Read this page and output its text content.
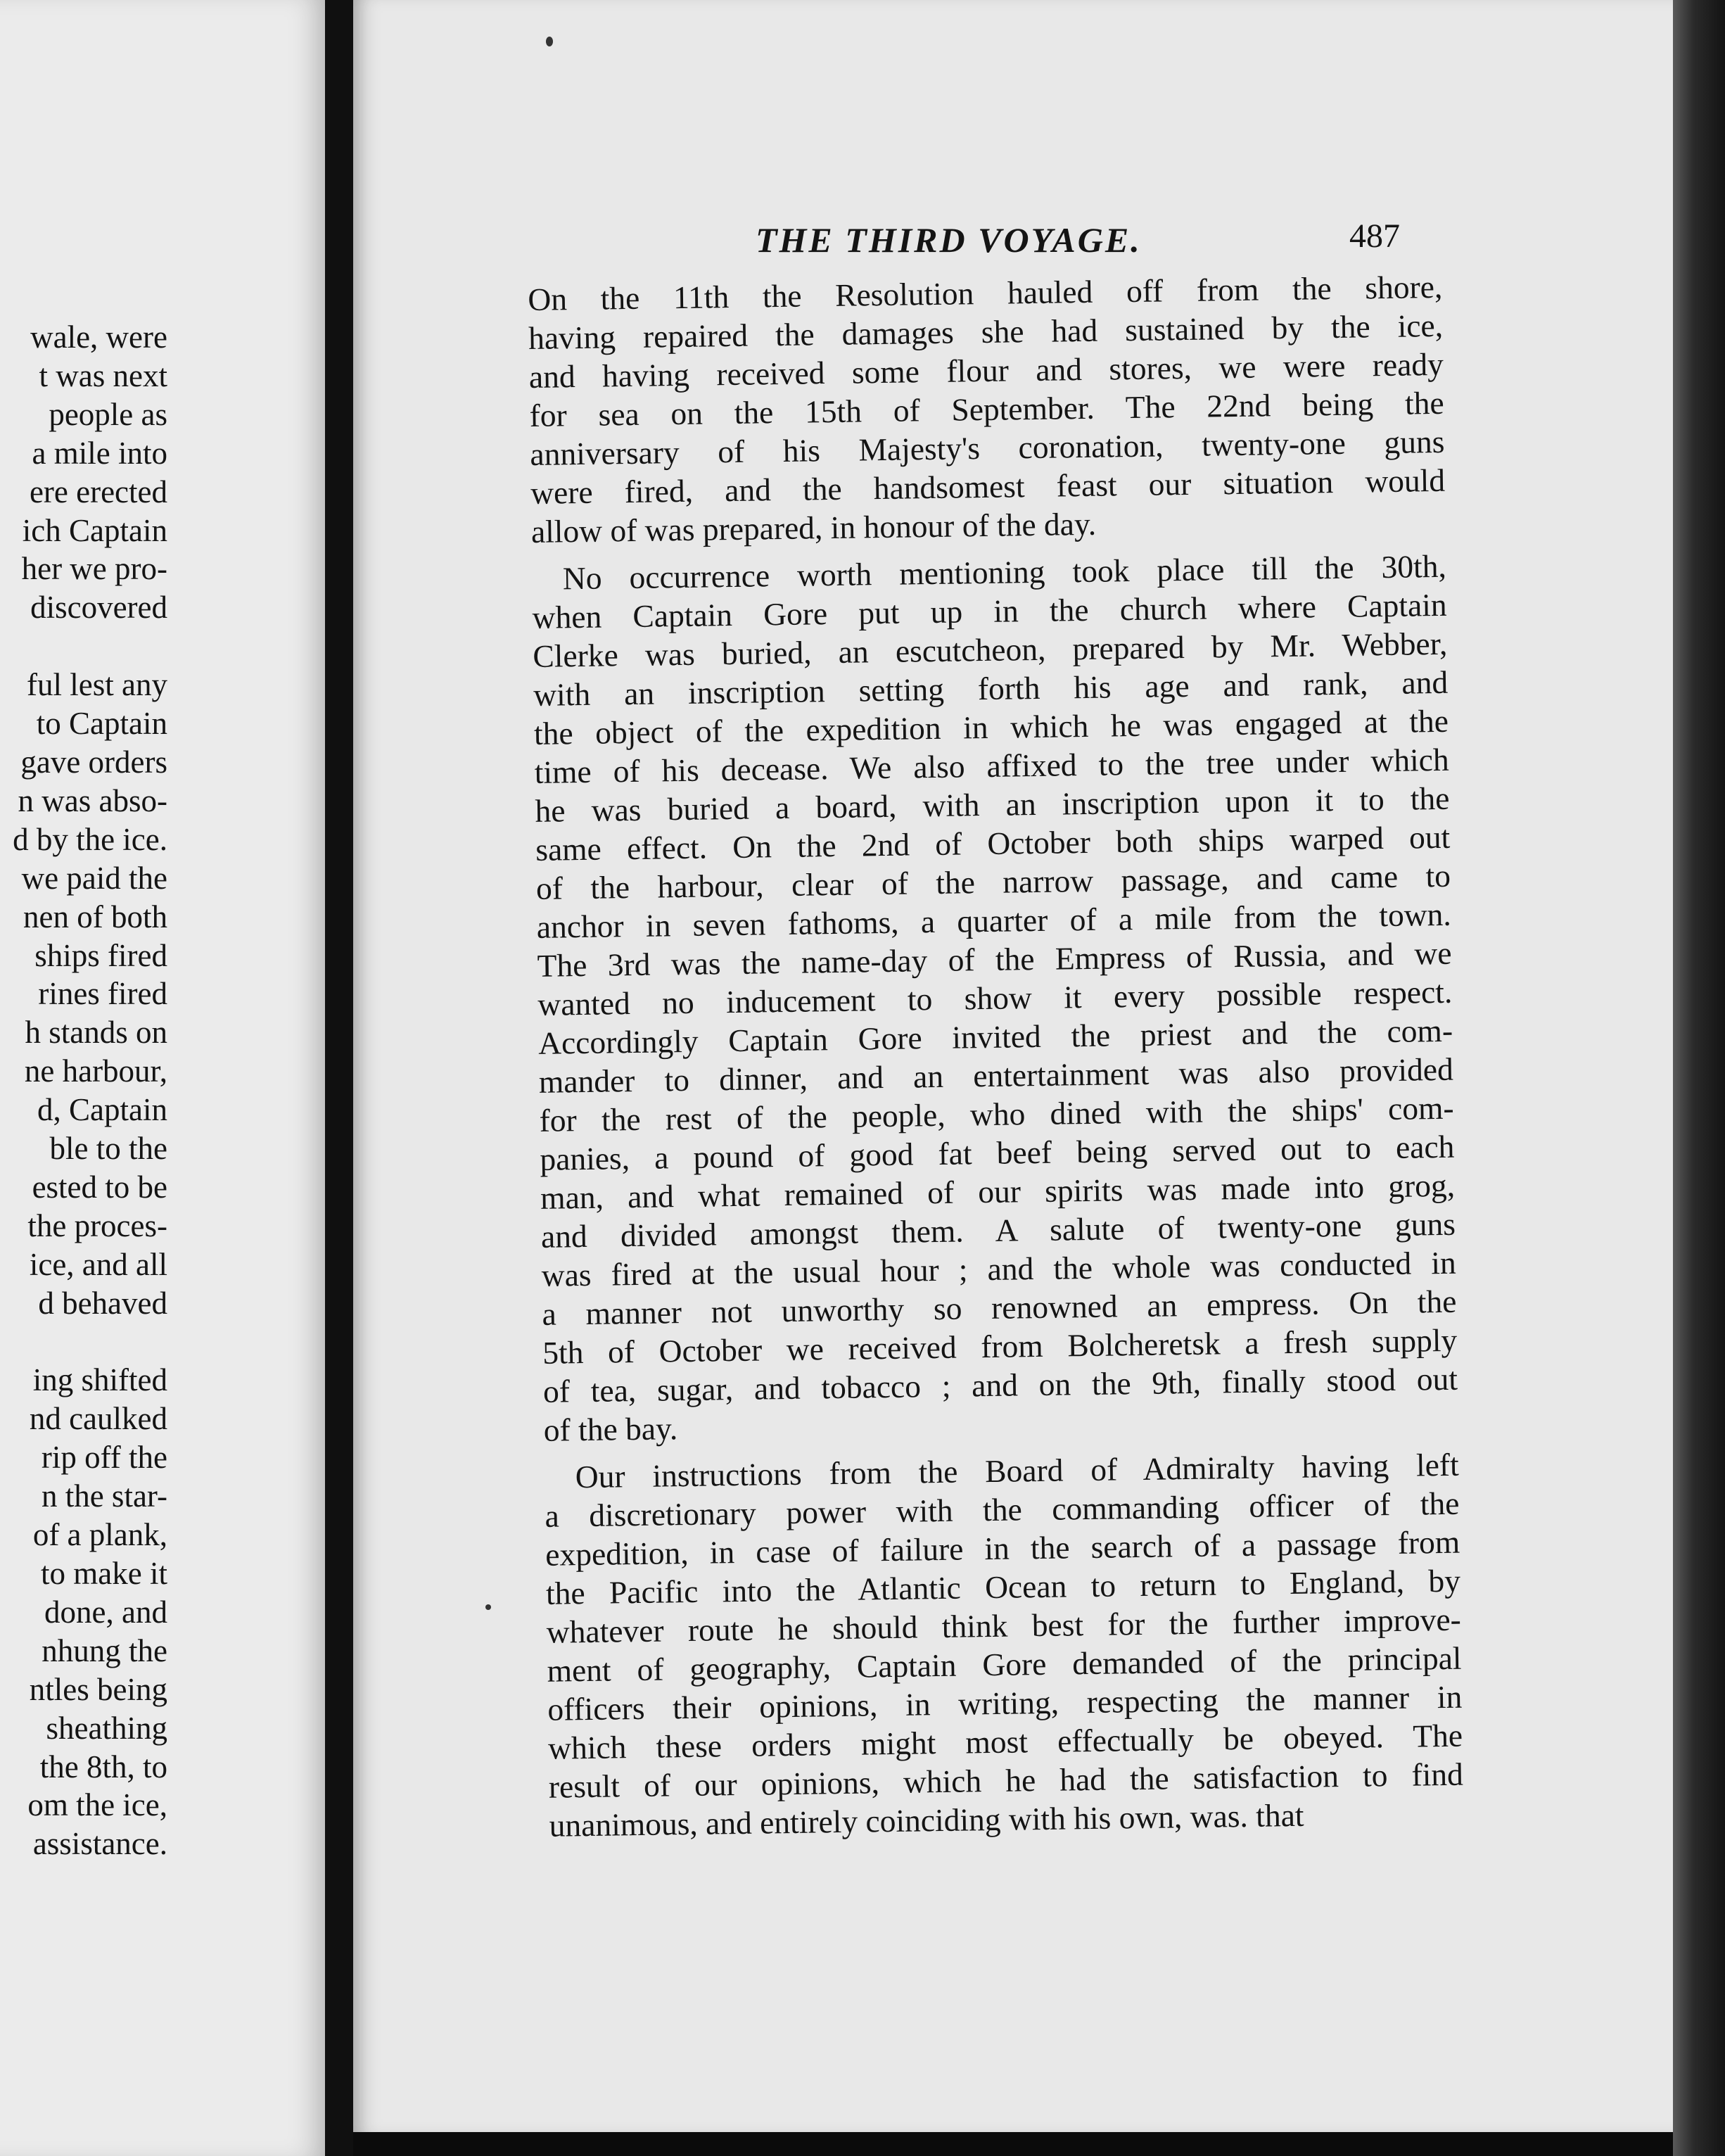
wale, were
t was next
people as
a mile into
ere erected
ich Captain
her we pro-
discovered

ful lest any
to Captain
gave orders
n was abso-
d by the ice.
we paid the
nen of both
ships fired
rines fired
h stands on
ne harbour,
d, Captain
ble to the
ested to be
the proces-
ice, and all
d behaved

ing shifted
nd caulked
rip off the
n the star-
of a plank,
to make it
done, and
nhung the
ntles being
sheathing
the 8th, to
om the ice,
assistance.
THE THIRD VOYAGE.	487
On the 11th the Resolution hauled off from the shore,
having repaired the damages she had sustained by the ice,
and having received some flour and stores, we were ready
for sea on the 15th of September. The 22nd being the
anniversary of his Majesty's coronation, twenty-one guns
were fired, and the handsomest feast our situation would
allow of was prepared, in honour of the day.
No occurrence worth mentioning took place till the 30th,
when Captain Gore put up in the church where Captain
Clerke was buried, an escutcheon, prepared by Mr. Webber,
with an inscription setting forth his age and rank, and
the object of the expedition in which he was engaged at the
time of his decease. We also affixed to the tree under which
he was buried a board, with an inscription upon it to the
same effect. On the 2nd of October both ships warped out
of the harbour, clear of the narrow passage, and came to
anchor in seven fathoms, a quarter of a mile from the town.
The 3rd was the name-day of the Empress of Russia, and we
wanted no inducement to show it every possible respect.
Accordingly Captain Gore invited the priest and the com-
mander to dinner, and an entertainment was also provided
for the rest of the people, who dined with the ships' com-
panies, a pound of good fat beef being served out to each
man, and what remained of our spirits was made into grog,
and divided amongst them. A salute of twenty-one guns
was fired at the usual hour ; and the whole was conducted in
a manner not unworthy so renowned an empress. On the
5th of October we received from Bolcheretsk a fresh supply
of tea, sugar, and tobacco ; and on the 9th, finally stood out
of the bay.
Our instructions from the Board of Admiralty having left
a discretionary power with the commanding officer of the
expedition, in case of failure in the search of a passage from
the Pacific into the Atlantic Ocean to return to England, by
whatever route he should think best for the further improve-
ment of geography, Captain Gore demanded of the principal
officers their opinions, in writing, respecting the manner in
which these orders might most effectually be obeyed. The
result of our opinions, which he had the satisfaction to find
unanimous, and entirely coinciding with his own, was. that
